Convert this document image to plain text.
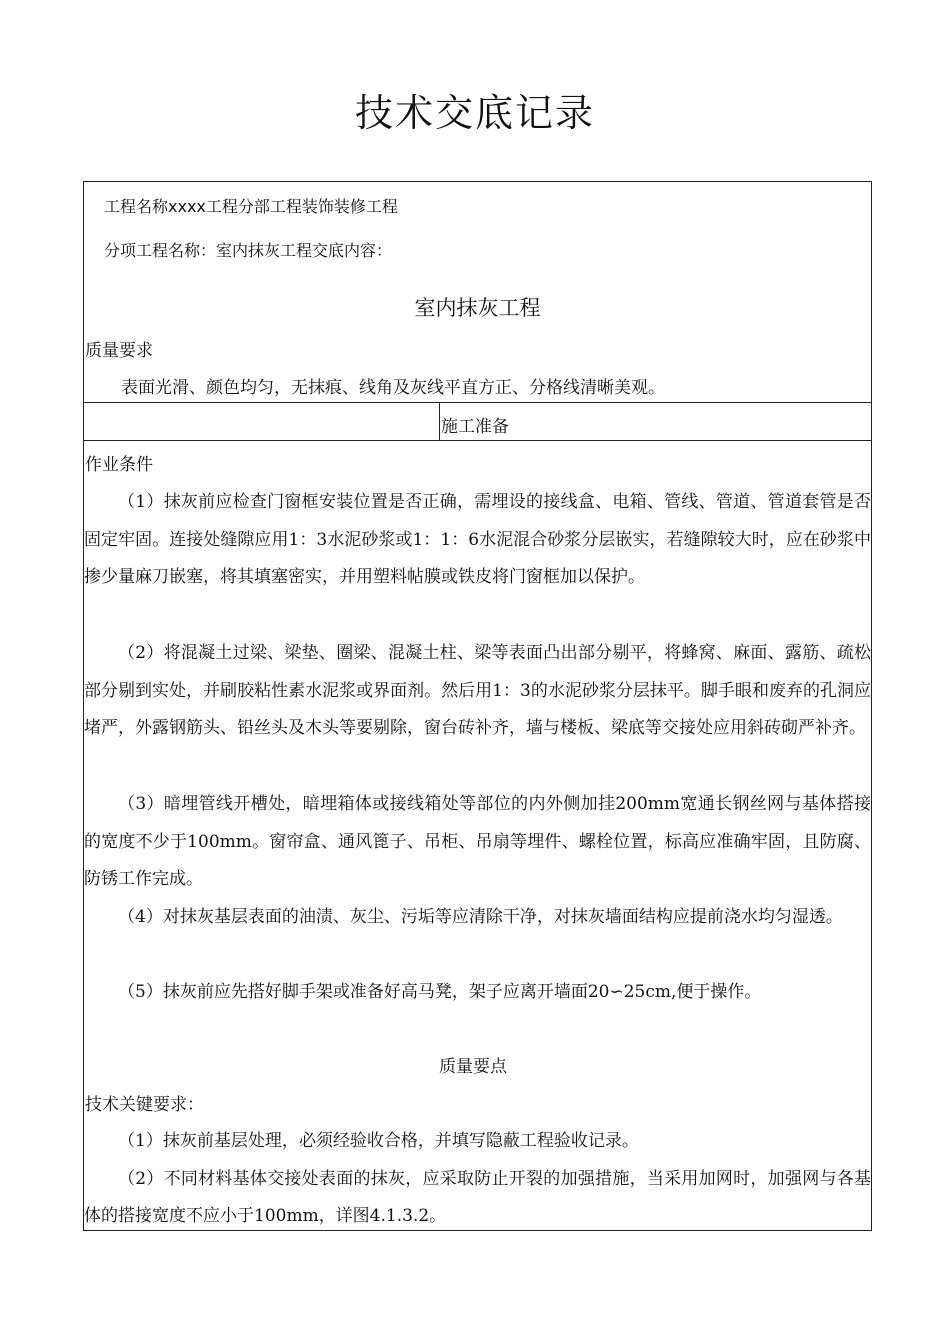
技术交底记录
工程名称xxxx工程分部工程装饰装修工程
分项工程名称：室内抹灰工程交底内容：
室内抹灰工程
质量要求
表面光滑、颜色均匀，无抹痕、线角及灰线平直方正、分格线清晰美观。
施工准备
作业条件

（1）抹灰前应检查门窗框安装位置是否正确，需埋设的接线盒、电箱、管线、管道、管道套管是否固定牢固。连接处缝隙应用1：3水泥砂浆或1：1：6水泥混合砂浆分层嵌实，若缝隙较大时，应在砂浆中掺少量麻刀嵌塞，将其填塞密实，并用塑料帖膜或铁皮将门窗框加以保护。

（2）将混凝土过梁、梁垫、圈梁、混凝土柱、梁等表面凸出部分剔平，将蜂窝、麻面、露筋、疏松部分剔到实处，并刷胶粘性素水泥浆或界面剂。然后用1：3的水泥砂浆分层抹平。脚手眼和废弃的孔洞应堵严，外露钢筋头、铅丝头及木头等要剔除，窗台砖补齐，墙与楼板、梁底等交接处应用斜砖砌严补齐。

（3）暗埋管线开槽处，暗埋箱体或接线箱处等部位的内外侧加挂200mm宽通长钢丝网与基体搭接的宽度不少于100mm。窗帘盒、通风篦子、吊柜、吊扇等埋件、螺栓位置，标高应准确牢固，且防腐、防锈工作完成。

（4）对抹灰基层表面的油渍、灰尘、污垢等应清除干净，对抹灰墙面结构应提前浇水均匀湿透。

（5）抹灰前应先搭好脚手架或准备好高马凳，架子应离开墙面20∽25cm,便于操作。

质量要点
技术关键要求：

（1）抹灰前基层处理，必须经验收合格，并填写隐蔽工程验收记录。

（2）不同材料基体交接处表面的抹灰，应采取防止开裂的加强措施，当采用加网时，加强网与各基体的搭接宽度不应小于100mm，详图4.1.3.2。
